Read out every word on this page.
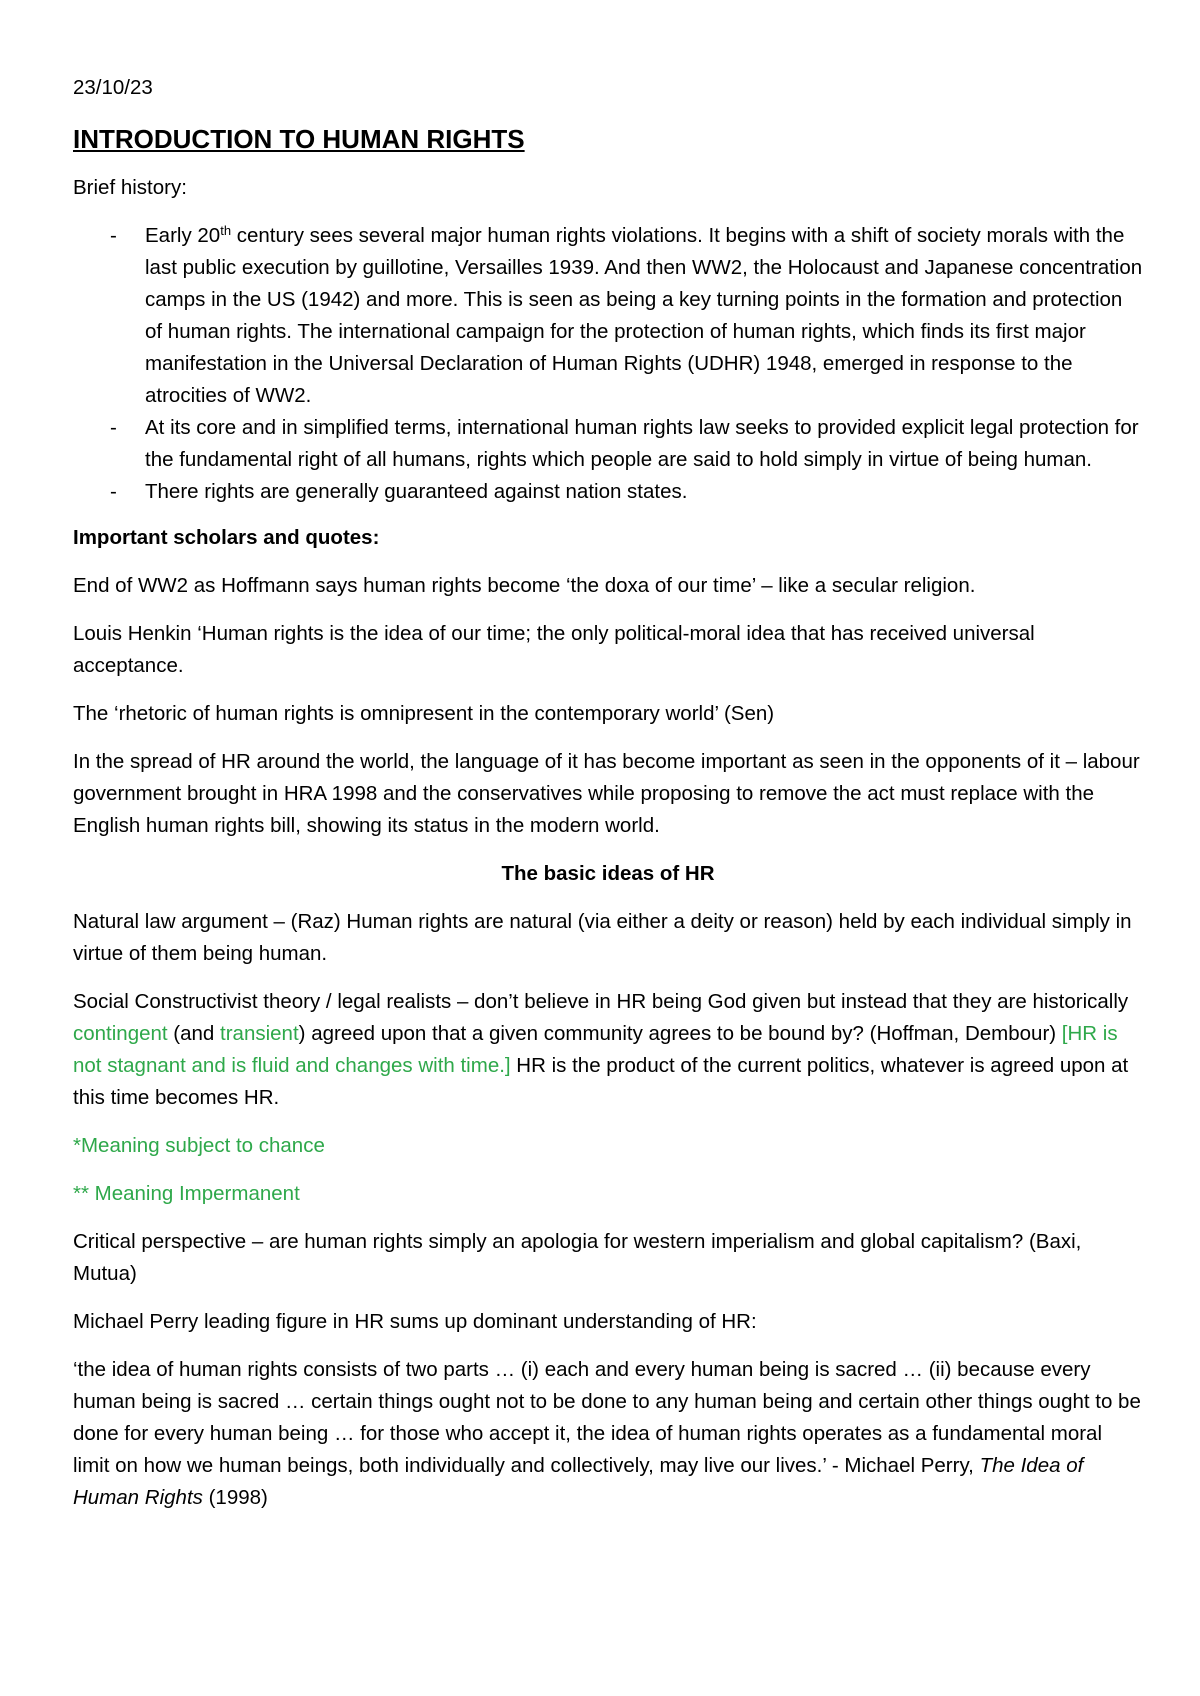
23/10/23

INTRODUCTION TO HUMAN RIGHTS

Brief history:

- Early 20th century sees several major human rights violations. It begins with a shift of society morals with the last public execution by guillotine, Versailles 1939. And then WW2, the Holocaust and Japanese concentration camps in the US (1942) and more. This is seen as being a key turning points in the formation and protection of human rights. The international campaign for the protection of human rights, which finds its first major manifestation in the Universal Declaration of Human Rights (UDHR) 1948, emerged in response to the atrocities of WW2.
- At its core and in simplified terms, international human rights law seeks to provided explicit legal protection for the fundamental right of all humans, rights which people are said to hold simply in virtue of being human.
- There rights are generally guaranteed against nation states.

Important scholars and quotes:

End of WW2 as Hoffmann says human rights become ‘the doxa of our time’ – like a secular religion.

Louis Henkin ‘Human rights is the idea of our time; the only political-moral idea that has received universal acceptance.

The ‘rhetoric of human rights is omnipresent in the contemporary world’ (Sen)

In the spread of HR around the world, the language of it has become important as seen in the opponents of it – labour government brought in HRA 1998 and the conservatives while proposing to remove the act must replace with the English human rights bill, showing its status in the modern world.

The basic ideas of HR

Natural law argument – (Raz) Human rights are natural (via either a deity or reason) held by each individual simply in virtue of them being human.

Social Constructivist theory / legal realists – don’t believe in HR being God given but instead that they are historically contingent (and transient) agreed upon that a given community agrees to be bound by? (Hoffman, Dembour) [HR is not stagnant and is fluid and changes with time.] HR is the product of the current politics, whatever is agreed upon at this time becomes HR.

*Meaning subject to chance

** Meaning Impermanent

Critical perspective – are human rights simply an apologia for western imperialism and global capitalism? (Baxi, Mutua)

Michael Perry leading figure in HR sums up dominant understanding of HR:

‘the idea of human rights consists of two parts … (i) each and every human being is sacred … (ii) because every human being is sacred … certain things ought not to be done to any human being and certain other things ought to be done for every human being … for those who accept it, the idea of human rights operates as a fundamental moral limit on how we human beings, both individually and collectively, may live our lives.’ - Michael Perry, The Idea of Human Rights (1998)
